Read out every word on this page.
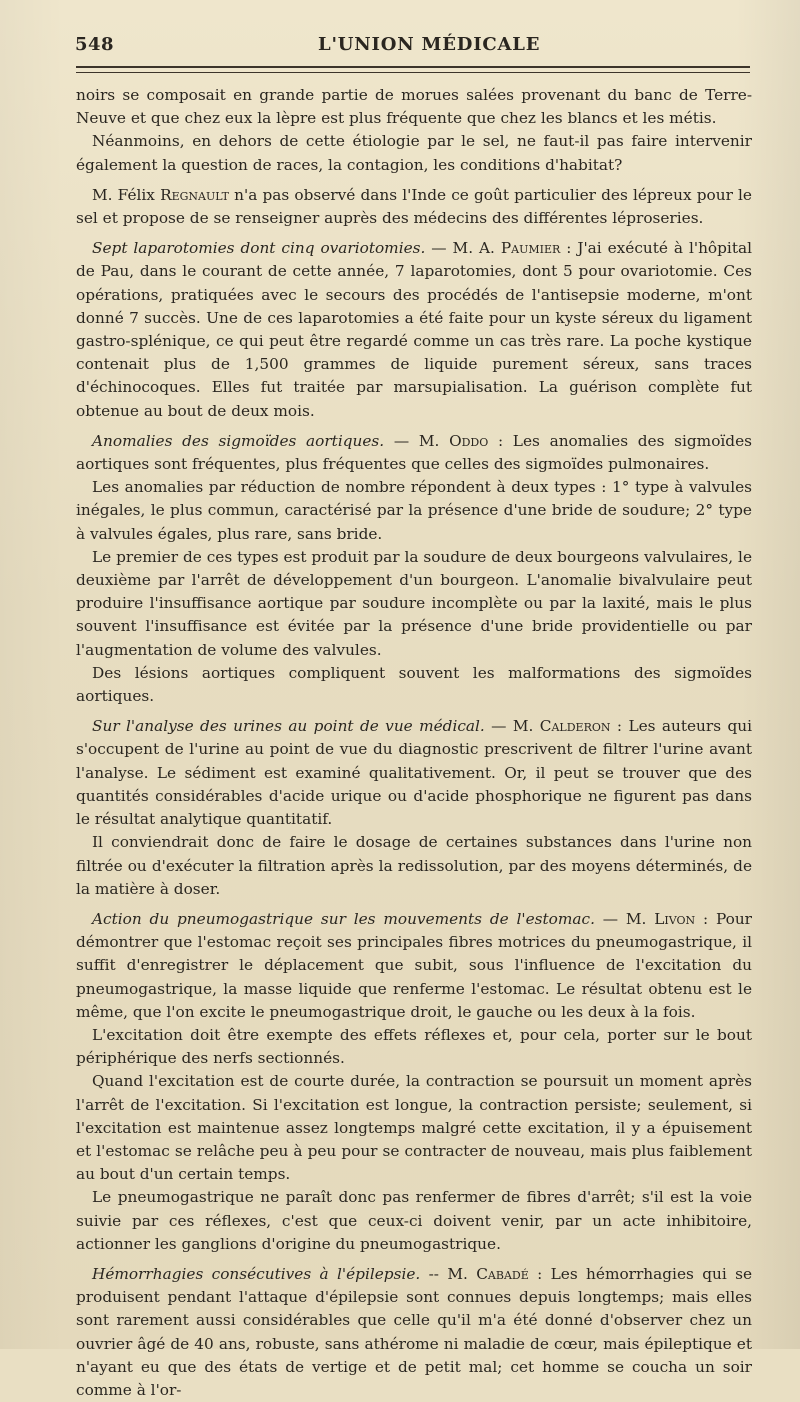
548	L'UNION MÉDICALE

noirs se composait en grande partie de morues salées provenant du banc de Terre-Neuve et que chez eux la lèpre est plus fréquente que chez les blancs et les métis.

Néanmoins, en dehors de cette étiologie par le sel, ne faut-il pas faire intervenir également la question de races, la contagion, les conditions d'habitat?

M. Félix Regnault n'a pas observé dans l'Inde ce goût particulier des lépreux pour le sel et propose de se renseigner auprès des médecins des différentes léproseries.

Sept laparotomies dont cinq ovariotomies. — M. A. Paumier : J'ai exécuté à l'hôpital de Pau, dans le courant de cette année, 7 laparotomies, dont 5 pour ovariotomie. Ces opérations, pratiquées avec le secours des procédés de l'antisepsie moderne, m'ont donné 7 succès. Une de ces laparotomies a été faite pour un kyste séreux du ligament gastro-splénique, ce qui peut être regardé comme un cas très rare. La poche kystique contenait plus de 1,500 grammes de liquide purement séreux, sans traces d'échinocoques. Elles fut traitée par marsupialisation. La guérison complète fut obtenue au bout de deux mois.

Anomalies des sigmoïdes aortiques. — M. Oddo : Les anomalies des sigmoïdes aortiques sont fréquentes, plus fréquentes que celles des sigmoïdes pulmonaires.

Les anomalies par réduction de nombre répondent à deux types : 1° type à valvules inégales, le plus commun, caractérisé par la présence d'une bride de soudure; 2° type à valvules égales, plus rare, sans bride.

Le premier de ces types est produit par la soudure de deux bourgeons valvulaires, le deuxième par l'arrêt de développement d'un bourgeon. L'anomalie bivalvulaire peut produire l'insuffisance aortique par soudure incomplète ou par la laxité, mais le plus souvent l'insuffisance est évitée par la présence d'une bride providentielle ou par l'augmentation de volume des valvules.

Des lésions aortiques compliquent souvent les malformations des sigmoïdes aortiques.

Sur l'analyse des urines au point de vue médical. — M. Calderon : Les auteurs qui s'occupent de l'urine au point de vue du diagnostic prescrivent de filtrer l'urine avant l'analyse. Le sédiment est examiné qualitativement. Or, il peut se trouver que des quantités considérables d'acide urique ou d'acide phosphorique ne figurent pas dans le résultat analytique quantitatif.

Il conviendrait donc de faire le dosage de certaines substances dans l'urine non filtrée ou d'exécuter la filtration après la redissolution, par des moyens déterminés, de la matière à doser.

Action du pneumogastrique sur les mouvements de l'estomac. — M. Livon : Pour démontrer que l'estomac reçoit ses principales fibres motrices du pneumogastrique, il suffit d'enregistrer le déplacement que subit, sous l'influence de l'excitation du pneumogastrique, la masse liquide que renferme l'estomac. Le résultat obtenu est le même, que l'on excite le pneumogastrique droit, le gauche ou les deux à la fois.

L'excitation doit être exempte des effets réflexes et, pour cela, porter sur le bout périphérique des nerfs sectionnés.

Quand l'excitation est de courte durée, la contraction se poursuit un moment après l'arrêt de l'excitation. Si l'excitation est longue, la contraction persiste; seulement, si l'excitation est maintenue assez longtemps malgré cette excitation, il y a épuisement et l'estomac se relâche peu à peu pour se contracter de nouveau, mais plus faiblement au bout d'un certain temps.

Le pneumogastrique ne paraît donc pas renfermer de fibres d'arrêt; s'il est la voie suivie par ces réflexes, c'est que ceux-ci doivent venir, par un acte inhibitoire, actionner les ganglions d'origine du pneumogastrique.

Hémorrhagies consécutives à l'épilepsie. -- M. Cabadé : Les hémorrhagies qui se produisent pendant l'attaque d'épilepsie sont connues depuis longtemps; mais elles sont rarement aussi considérables que celle qu'il m'a été donné d'observer chez un ouvrier âgé de 40 ans, robuste, sans athérome ni maladie de cœur, mais épileptique et n'ayant eu que des états de vertige et de petit mal; cet homme se coucha un soir comme à l'or-
